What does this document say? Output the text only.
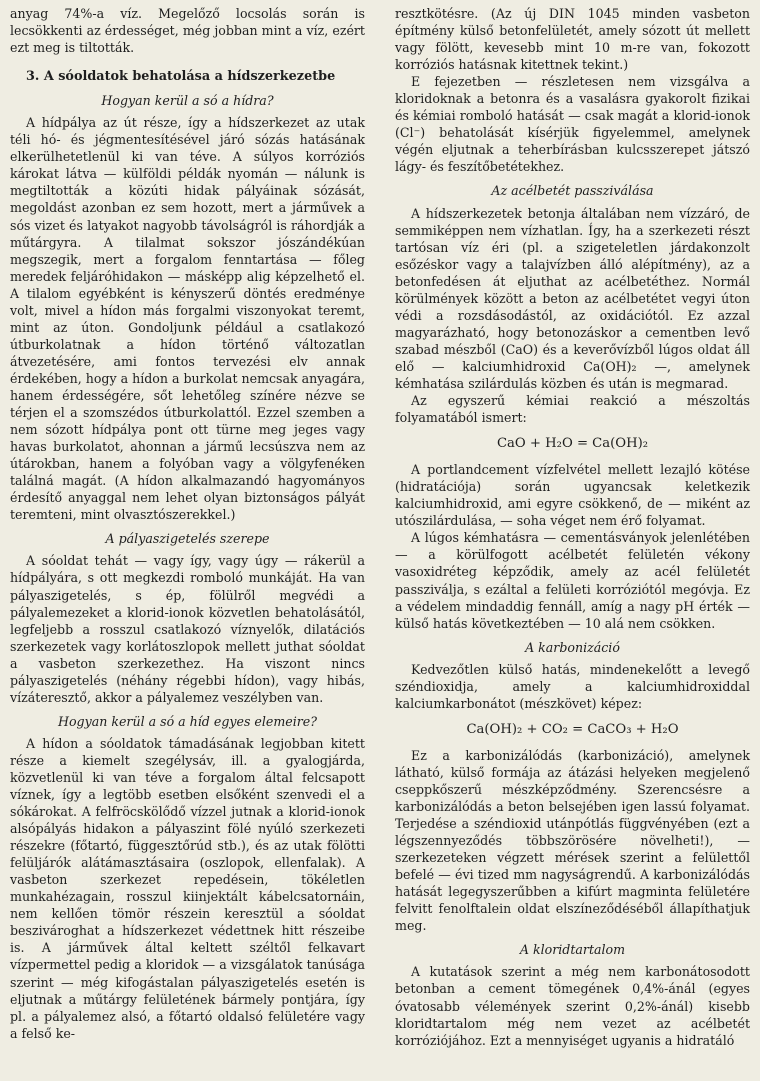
anyag 74%-a víz. Megelőző locsolás során is lecsökkenti az érdességet, még jobban mint a víz, ezért ezt meg is tiltották.

3. A sóoldatok behatolása a hídszerkezetbe
Hogyan kerül a só a hídra?

A hídpálya az út része, így a hídszerkezet az utak téli hó- és jégmentesítésével járó sózás hatásának elkerülhetetlenül ki van téve. A súlyos korróziós károkat látva — külföldi példák nyomán — nálunk is megtiltották a közúti hidak pályáinak sózását, megoldást azonban ez sem hozott, mert a járművek a sós vizet és latyakot nagyobb távolságról is ráhordják a műtárgyra. A tilalmat sokszor jószándékúan megszegik, mert a forgalom fenntartása — főleg meredek feljáróhidakon — másképp alig képzelhető el. A tilalom egyébként is kényszerű döntés eredménye volt, mivel a hídon más forgalmi viszonyokat teremt, mint az úton. Gondoljunk például a csatlakozó útburkolatnak a hídon történő változatlan átvezetésére, ami fontos tervezési elv annak érdekében, hogy a hídon a burkolat nemcsak anyagára, hanem érdességére, sőt lehetőleg színére nézve se térjen el a szomszédos útburkolattól. Ezzel szemben a nem sózott hídpálya pont ott türne meg jeges vagy havas burkolatot, ahonnan a jármű lecsúszva nem az útárokban, hanem a folyóban vagy a völgyfenéken találná magát. (A hídon alkalmazandó hagyományos érdesítő anyaggal nem lehet olyan biztonságos pályát teremteni, mint olvasztószerekkel.)

A pályaszigetelés szerepe

A sóoldat tehát — vagy így, vagy úgy — rákerül a hídpályára, s ott megkezdi romboló munkáját. Ha van pályaszigetelés, s ép, fölülről megvédi a pályalemezeket a klorid-ionok közvetlen behatolásától, legfeljebb a rosszul csatlakozó víznyelők, dilatációs szerkezetek vagy korlátoszlopok mellett juthat sóoldat a vasbeton szerkezethez. Ha viszont nincs pályaszigetelés (néhány régebbi hídon), vagy hibás, vízáteresztő, akkor a pályalemez veszélyben van.

Hogyan kerül a só a híd egyes elemeire?

A hídon a sóoldatok támadásának legjobban kitett része a kiemelt szegélysáv, ill. a gyalogjárda, közvetlenül ki van téve a forgalom által felcsapott víznek, így a legtöbb esetben elsőként szenvedi el a sókárokat. A felfröcskölődő vízzel jutnak a klorid-ionok alsópályás hidakon a pályaszint fölé nyúló szerkezeti részekre (főtartó, függesztőrúd stb.), és az utak fölötti felüljárók alátámasztásaira (oszlopok, ellenfalak). A vasbeton szerkezet repedésein, tökéletlen munkahézagain, rosszul kiinjektált kábelcsatornáin, nem kellően tömör részein keresztül a sóoldat beszivároghat a hídszerkezet védettnek hitt részeibe is. A járművek által keltett széltől felkavart vízpermettel pedig a kloridok — a vizsgálatok tanúsága szerint — még kifogástalan pályaszigetelés esetén is eljutnak a műtárgy felületének bármely pontjára, így pl. a pályalemez alsó, a főtartó oldalsó felületére vagy a felső ke-

resztkötésre. (Az új DIN 1045 minden vasbeton építmény külső betonfelületét, amely sózott út mellett vagy fölött, kevesebb mint 10 m-re van, fokozott korróziós hatásnak kitettnek tekint.)

E fejezetben — részletesen nem vizsgálva a kloridoknak a betonra és a vasalásra gyakorolt fizikai és kémiai romboló hatását — csak magát a klorid-ionok (Cl⁻) behatolását kísérjük figyelemmel, amelynek végén eljutnak a teherbírásban kulcsszerepet játszó lágy- és feszítőbetétekhez.

Az acélbetét passziválása

A hídszerkezetek betonja általában nem vízzáró, de semmiképpen nem vízhatlan. Így, ha a szerkezeti részt tartósan víz éri (pl. a szigeteletlen járdakonzolt esőzéskor vagy a talajvízben álló alépítmény), az a betonfedésen át eljuthat az acélbetéthez. Normál körülmények között a beton az acélbetétet vegyi úton védi a rozsdásodástól, az oxidációtól. Ez azzal magyarázható, hogy betonozáskor a cementben levő szabad mészből (CaO) és a keverővízből lúgos oldat áll elő — kalciumhidroxid Ca(OH)₂ —, amelynek kémhatása szilárdulás közben és után is megmarad.

Az egyszerű kémiai reakció a mészoltás folyamatából ismert:

CaO + H₂O = Ca(OH)₂

A portlandcement vízfelvétel mellett lezajló kötése (hidratációja) során ugyancsak keletkezik kalciumhidroxid, ami egyre csökkenő, de — miként az utószilárdulása, — soha véget nem érő folyamat.

A lúgos kémhatásra — cementásványok jelenlétében — a körülfogott acélbetét felületén vékony vasoxidréteg képződik, amely az acél felületét passziválja, s ezáltal a felületi korróziótól megóvja. Ez a védelem mindaddig fennáll, amíg a nagy pH érték — külső hatás következtében — 10 alá nem csökken.

A karbonizáció

Kedvezőtlen külső hatás, mindenekelőtt a levegő széndioxidja, amely a kalciumhidroxiddal kalciumkarbonátot (mészkövet) képez:

Ca(OH)₂ + CO₂ = CaCO₃ + H₂O

Ez a karbonizálódás (karbonizáció), amelynek látható, külső formája az átázási helyeken megjelenő cseppkőszerű mészképződmény. Szerencsésre a karbonizálódás a beton belsejében igen lassú folyamat. Terjedése a széndioxid utánpótlás függvényében (ezt a légszennyeződés többszörösére növelheti!), — szerkezeteken végzett mérések szerint a felülettől befelé — évi tized mm nagyságrendű. A karbonizálódás hatását legegyszerűbben a kifúrt magminta felületére felvitt fenolftalein oldat elszíneződéséből állapíthatjuk meg.

A kloridtartalom

A kutatások szerint a még nem karbonátosodott betonban a cement tömegének 0,4%-ánál (egyes óvatosabb vélemények szerint 0,2%-ánál) kisebb kloridtartalom még nem vezet az acélbetét korróziójához. Ezt a mennyiséget ugyanis a hidratáló
